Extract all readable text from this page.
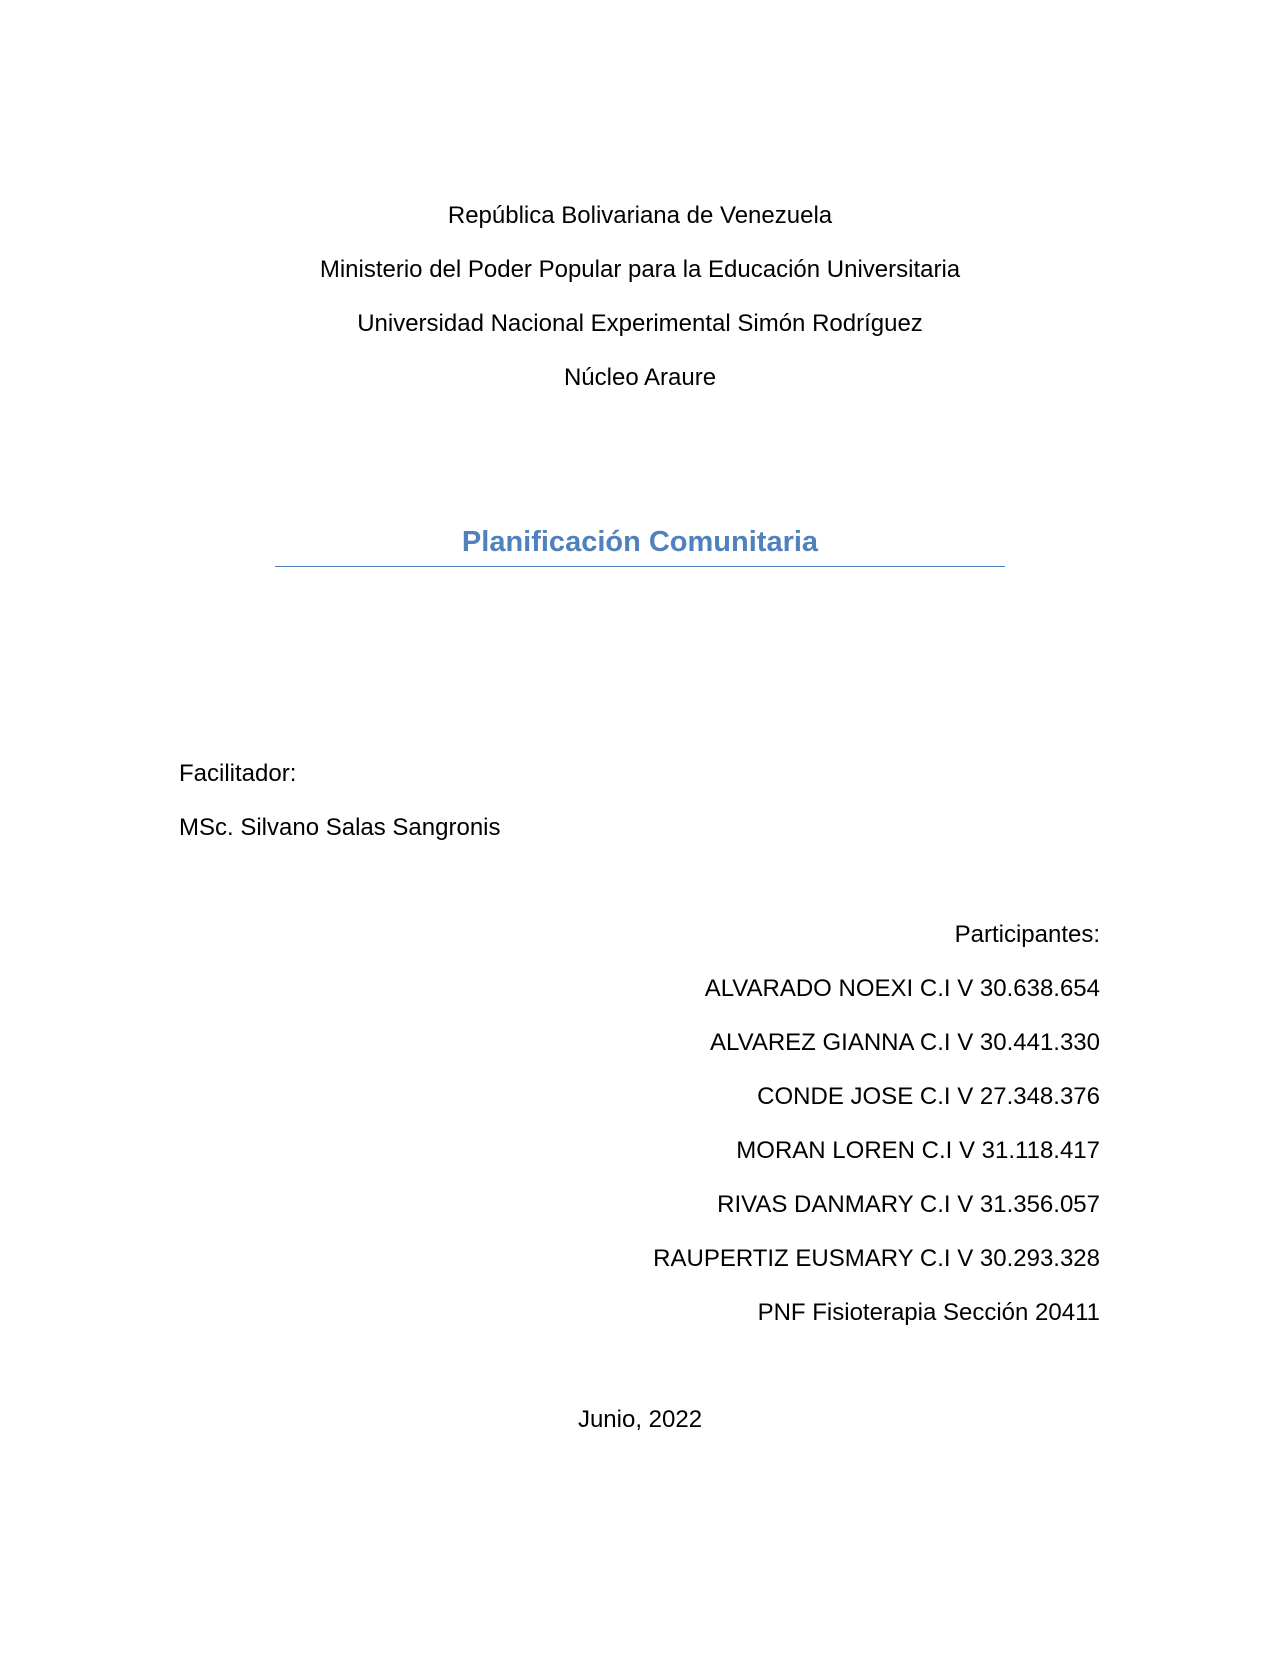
República Bolivariana de Venezuela
Ministerio del Poder Popular para la Educación Universitaria
Universidad Nacional Experimental Simón Rodríguez
Núcleo Araure
Planificación Comunitaria
Facilitador:
MSc. Silvano Salas Sangronis
Participantes:
ALVARADO NOEXI C.I V 30.638.654
ALVAREZ GIANNA C.I V 30.441.330
CONDE JOSE C.I V 27.348.376
MORAN LOREN C.I V 31.118.417
RIVAS DANMARY C.I V 31.356.057
RAUPERTIZ EUSMARY C.I V 30.293.328
PNF Fisioterapia Sección 20411
Junio, 2022
